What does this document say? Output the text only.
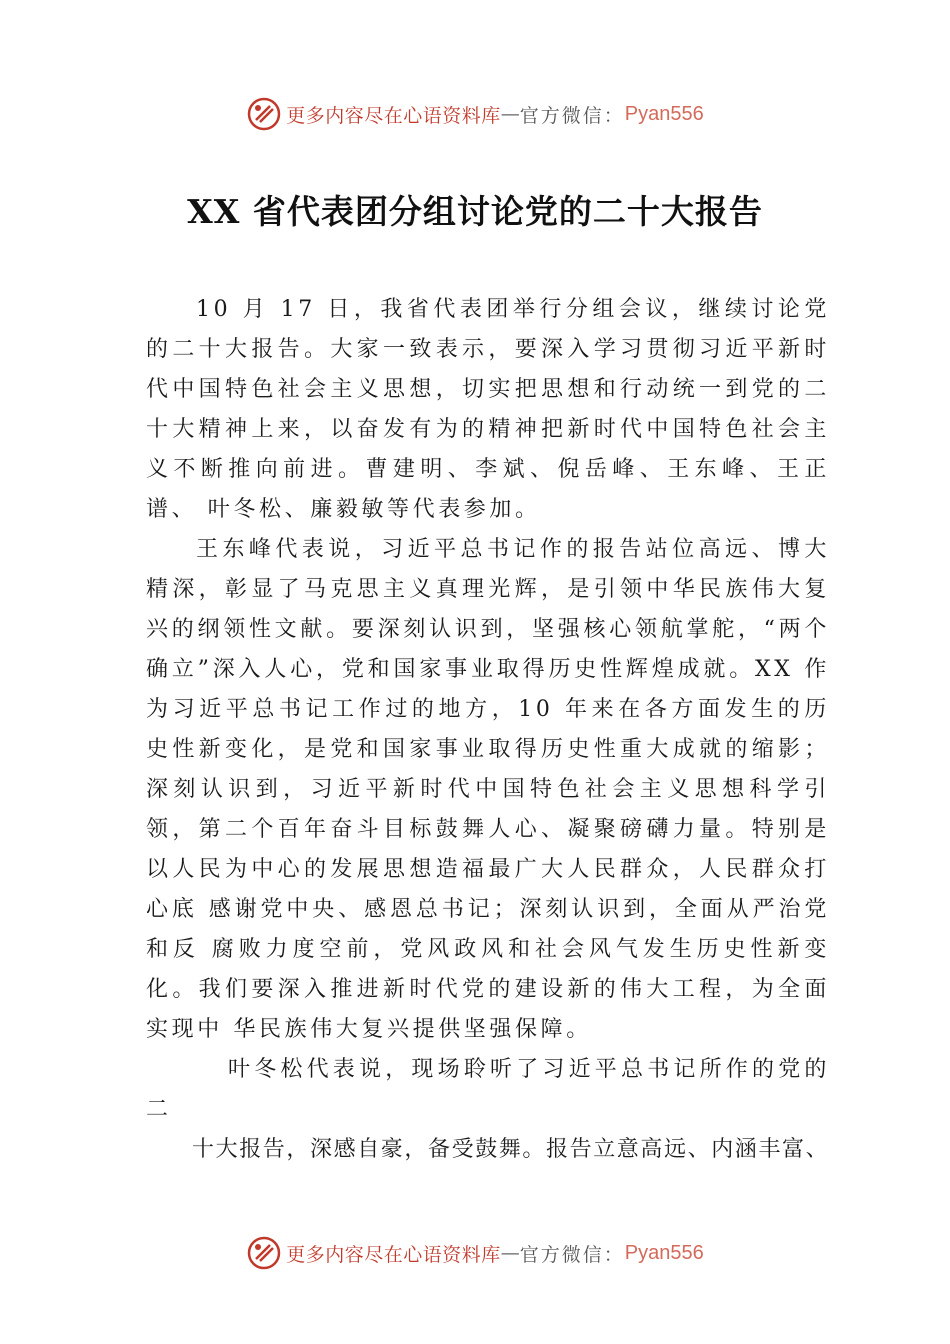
更多内容尽在心语资料库 — 官方微信： Pyan556
XX 省代表团分组讨论党的二十大报告

10 月 17 日，我省代表团举行分组会议，继续讨论党的二十大报告。大家一致表示，要深入学习贯彻习近平新时代中国特色社会主义思想，切实把思想和行动统一到党的二十大精神上来，以奋发有为的精神把新时代中国特色社会主义不断推向前进。曹建明、李斌、倪岳峰、王东峰、王正谱、 叶冬松、廉毅敏等代表参加。

王东峰代表说，习近平总书记作的报告站位高远、博大精深，彰显了马克思主义真理光辉，是引领中华民族伟大复兴的纲领性文献。要深刻认识到，坚强核心领航掌舵，“两个确立”深入人心，党和国家事业取得历史性辉煌成就。XX 作为习近平总书记工作过的地方，10 年来在各方面发生的历史性新变化，是党和国家事业取得历史性重大成就的缩影； 深刻认识到，习近平新时代中国特色社会主义思想科学引领，第二个百年奋斗目标鼓舞人心、凝聚磅礴力量。特别是以人民为中心的发展思想造福最广大人民群众，人民群众打心底 感谢党中央、感恩总书记；深刻认识到，全面从严治党和反 腐败力度空前，党风政风和社会风气发生历史性新变化。我们要深入推进新时代党的建设新的伟大工程，为全面实现中 华民族伟大复兴提供坚强保障。

叶冬松代表说，现场聆听了习近平总书记所作的党的二
十大报告，深感自豪，备受鼓舞。报告立意高远、内涵丰富、

更多内容尽在心语资料库 — 官方微信： Pyan556
